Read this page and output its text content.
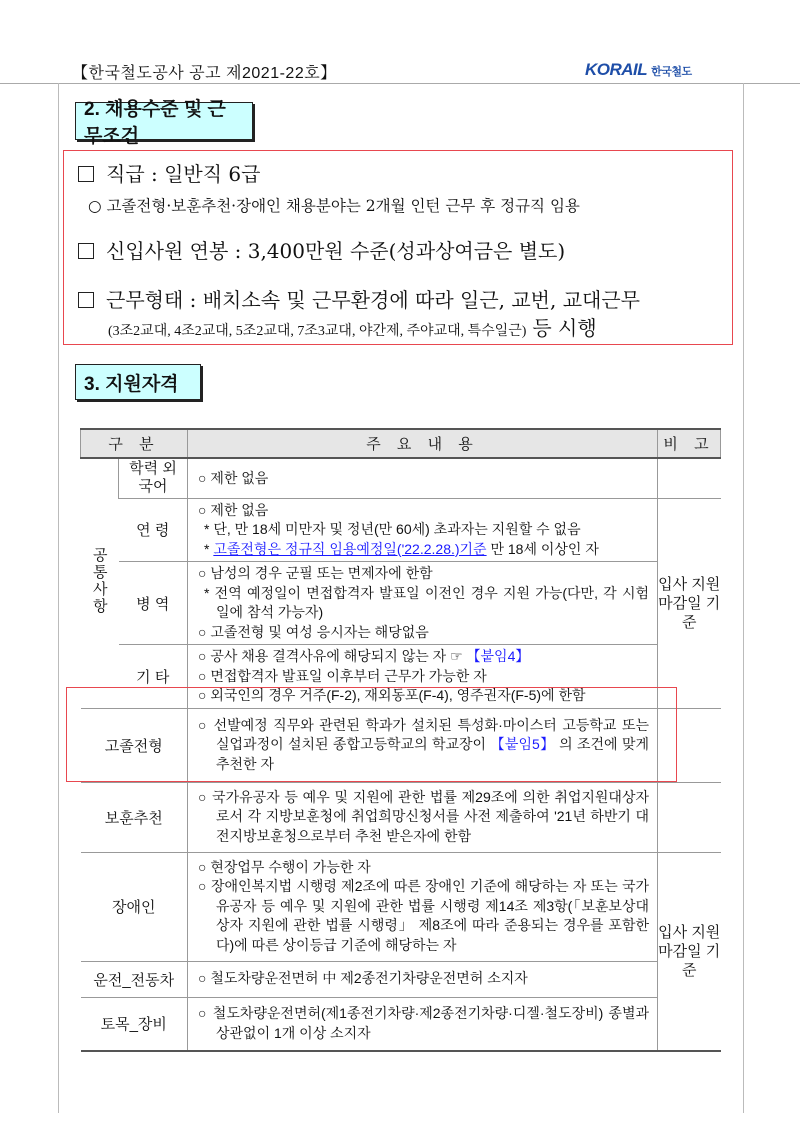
【한국철도공사 공고 제2021-22호】	KORAIL 한국철도
2. 채용수준 및 근무조건
직급 : 일반직 6급
○ 고졸전형·보훈추천·장애인 채용분야는 2개월 인턴 근무 후 정규직 임용
신입사원 연봉 : 3,400만원 수준(성과상여금은 별도)
근무형태 : 배치소속 및 근무환경에 따라 일근, 교번, 교대근무
(3조2교대, 4조2교대, 5조2교대, 7조3교대, 야간제, 주야교대, 특수일근) 등 시행
3. 지원자격
구 분		주 요 내 용	비 고
공통사항	학력 외국어	○ 제한 없음	

	연 령	○ 제한 없음
* 단, 만 18세 미만자 및 정년(만 60세) 초과자는 지원할 수 없음
* 고졸전형은 정규직 임용예정일('22.2.28.)기준 만 18세 이상인 자	입사 지원 마감일 기준
	병 역	○ 남성의 경우 군필 또는 면제자에 한함
* 전역 예정일이 면접합격자 발표일 이전인 경우 지원 가능(다만, 각 시험일에 참석 가능자)
○ 고졸전형 및 여성 응시자는 해당없음	

	기 타	○ 공사 채용 결격사유에 해당되지 않는 자 ☞ 【붙임4】
○ 면접합격자 발표일 이후부터 근무가 가능한 자
○ 외국인의 경우 거주(F-2), 재외동포(F-4), 영주권자(F-5)에 한함	

고졸전형		○ 선발예정 직무와 관련된 학과가 설치된 특성화·마이스터 고등학교 또는 실업과정이 설치된 종합고등학교의 학교장이 【붙임5】 의 조건에 맞게 추천한 자	

보훈추천		○ 국가유공자 등 예우 및 지원에 관한 법률 제29조에 의한 취업지원대상자로서 각 지방보훈청에 취업희망신청서를 사전 제출하여 '21년 하반기 대전지방보훈청으로부터 추천 받은자에 한함	

장애인		○ 현장업무 수행이 가능한 자
○ 장애인복지법 시행령 제2조에 따른 장애인 기준에 해당하는 자 또는 국가유공자 등 예우 및 지원에 관한 법률 시행령 제14조 제3항(「보훈보상대상자 지원에 관한 법률 시행령」 제8조에 따라 준용되는 경우를 포함한다)에 따른 상이등급 기준에 해당하는 자	입사 지원 마감일 기준
운전_전동차		○ 철도차량운전면허 中 제2종전기차량운전면허 소지자	

토목_장비		○ 철도차량운전면허(제1종전기차량·제2종전기차량·디젤·철도장비) 종별과 상관없이 1개 이상 소지자	
